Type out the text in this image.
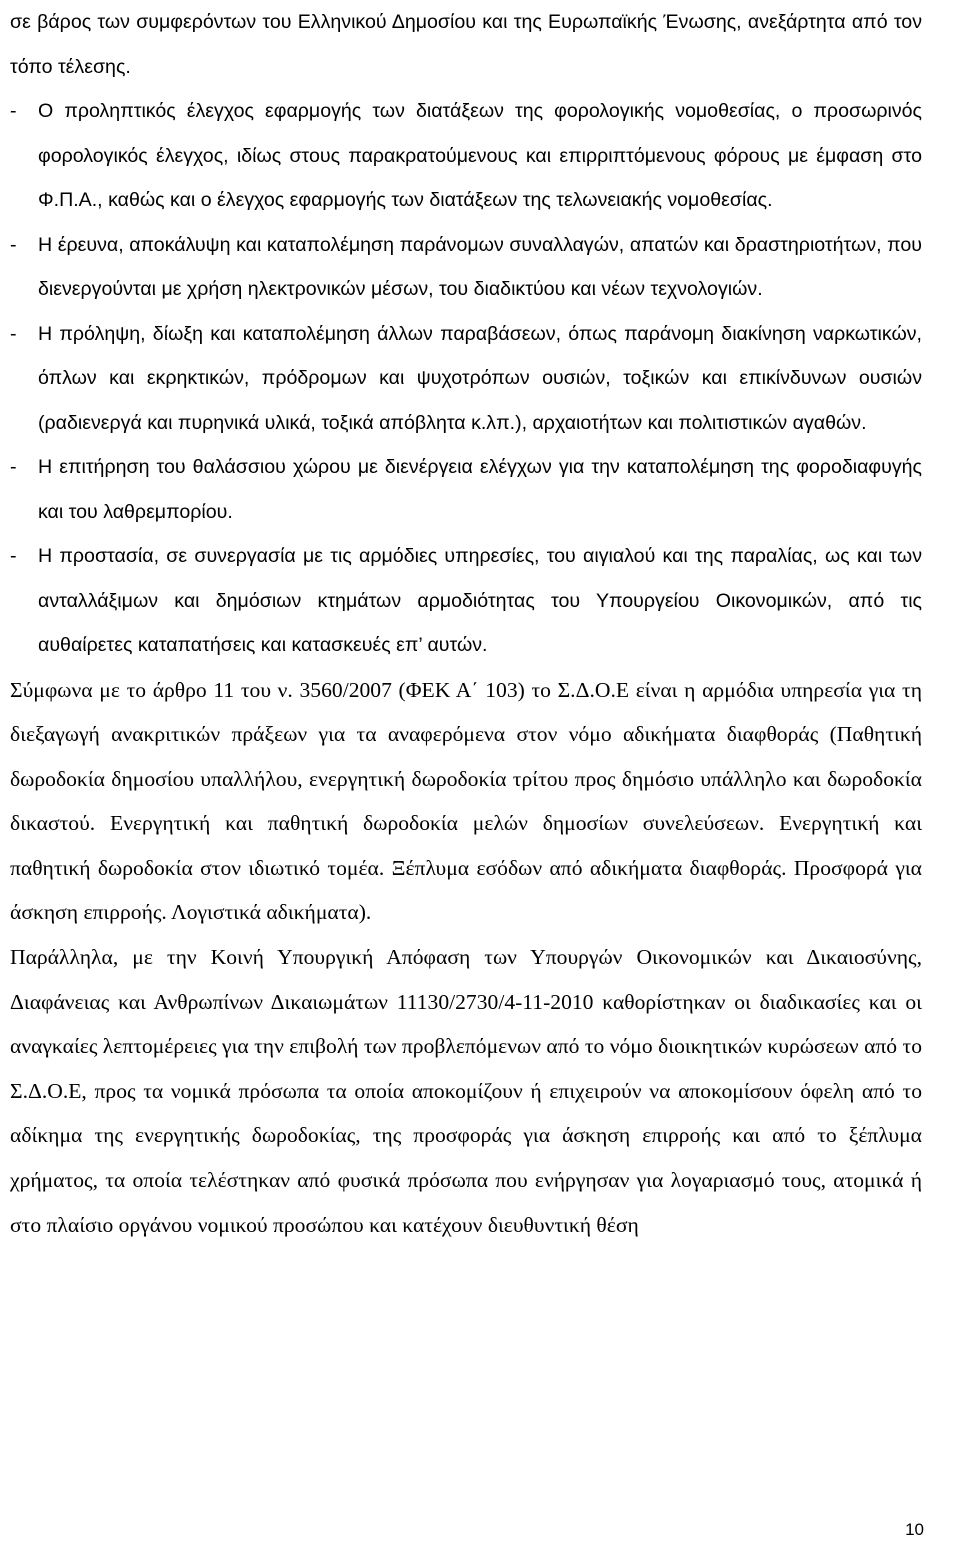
σε βάρος των συμφερόντων του Ελληνικού Δημοσίου και της Ευρωπαϊκής Ένωσης, ανεξάρτητα από τον τόπο τέλεσης.

-	Ο προληπτικός έλεγχος εφαρμογής των διατάξεων της φορολογικής νομοθεσίας, ο προσωρινός φορολογικός έλεγχος, ιδίως στους παρακρατούμενους και επιρριπτόμενους φόρους με έμφαση στο Φ.Π.Α., καθώς και ο έλεγχος εφαρμογής των διατάξεων της τελωνειακής νομοθεσίας.

-	Η έρευνα, αποκάλυψη και καταπολέμηση παράνομων συναλλαγών, απατών και δραστηριοτήτων, που διενεργούνται με χρήση ηλεκτρονικών μέσων, του διαδικτύου και νέων τεχνολογιών.

-	Η πρόληψη, δίωξη και καταπολέμηση άλλων παραβάσεων, όπως παράνομη διακίνηση ναρκωτικών, όπλων και εκρηκτικών, πρόδρομων και ψυχοτρόπων ουσιών, τοξικών και επικίνδυνων ουσιών (ραδιενεργά και πυρηνικά υλικά, τοξικά απόβλητα κ.λπ.), αρχαιοτήτων και πολιτιστικών αγαθών.

-	Η επιτήρηση του θαλάσσιου χώρου με διενέργεια ελέγχων για την καταπολέμηση της φοροδιαφυγής και του λαθρεμπορίου.

-	Η προστασία, σε συνεργασία με τις αρμόδιες υπηρεσίες, του αιγιαλού και της παραλίας, ως και των ανταλλάξιμων και δημόσιων κτημάτων αρμοδιότητας του Υπουργείου Οικονομικών, από τις αυθαίρετες καταπατήσεις και κατασκευές επ’ αυτών.

Σύμφωνα με το άρθρο 11 του ν. 3560/2007 (ΦΕΚ Α΄ 103) το Σ.Δ.Ο.Ε είναι η αρμόδια υπηρεσία για τη διεξαγωγή ανακριτικών πράξεων για τα αναφερόμενα στον νόμο αδικήματα διαφθοράς (Παθητική δωροδοκία δημοσίου υπαλλήλου, ενεργητική δωροδοκία τρίτου προς δημόσιο υπάλληλο και δωροδοκία δικαστού. Ενεργητική και παθητική δωροδοκία μελών δημοσίων συνελεύσεων. Ενεργητική και παθητική δωροδοκία στον ιδιωτικό τομέα. Ξέπλυμα εσόδων από αδικήματα διαφθοράς. Προσφορά για άσκηση επιρροής. Λογιστικά αδικήματα).

Παράλληλα, με την Κοινή Υπουργική Απόφαση των Υπουργών Οικονομικών και Δικαιοσύνης, Διαφάνειας και Ανθρωπίνων Δικαιωμάτων 11130/2730/4-11-2010 καθορίστηκαν οι διαδικασίες και οι αναγκαίες λεπτομέρειες για την επιβολή των προβλεπόμενων από το νόμο διοικητικών κυρώσεων από το Σ.Δ.Ο.Ε, προς τα νομικά πρόσωπα τα οποία αποκομίζουν ή επιχειρούν να αποκομίσουν όφελη από το αδίκημα της ενεργητικής δωροδοκίας, της προσφοράς για άσκηση επιρροής και από το ξέπλυμα χρήματος, τα οποία τελέστηκαν από φυσικά πρόσωπα που ενήργησαν για λογαριασμό τους, ατομικά ή στο πλαίσιο οργάνου νομικού προσώπου και κατέχουν διευθυντική θέση

10
